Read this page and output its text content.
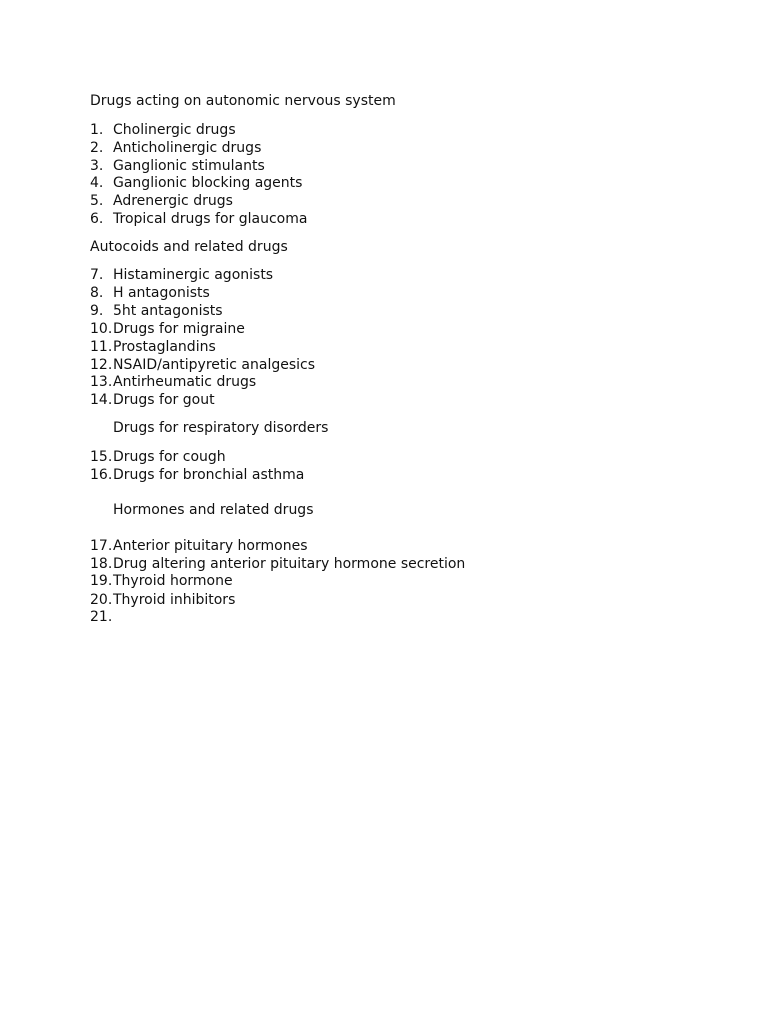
Drugs acting on autonomic nervous system
1. Cholinergic drugs
2. Anticholinergic drugs
3. Ganglionic stimulants
4. Ganglionic blocking agents
5. Adrenergic drugs
6. Tropical drugs for glaucoma
Autocoids and related drugs
7. Histaminergic agonists
8. H antagonists
9. 5ht antagonists
10.Drugs for migraine
11.Prostaglandins
12.NSAID/antipyretic analgesics
13.Antirheumatic drugs
14.Drugs for gout
Drugs for respiratory disorders
15.Drugs for cough
16.Drugs for bronchial asthma
Hormones and related drugs
17.Anterior pituitary hormones
18.Drug altering anterior pituitary hormone secretion
19.Thyroid hormone
20.Thyroid inhibitors
21.
